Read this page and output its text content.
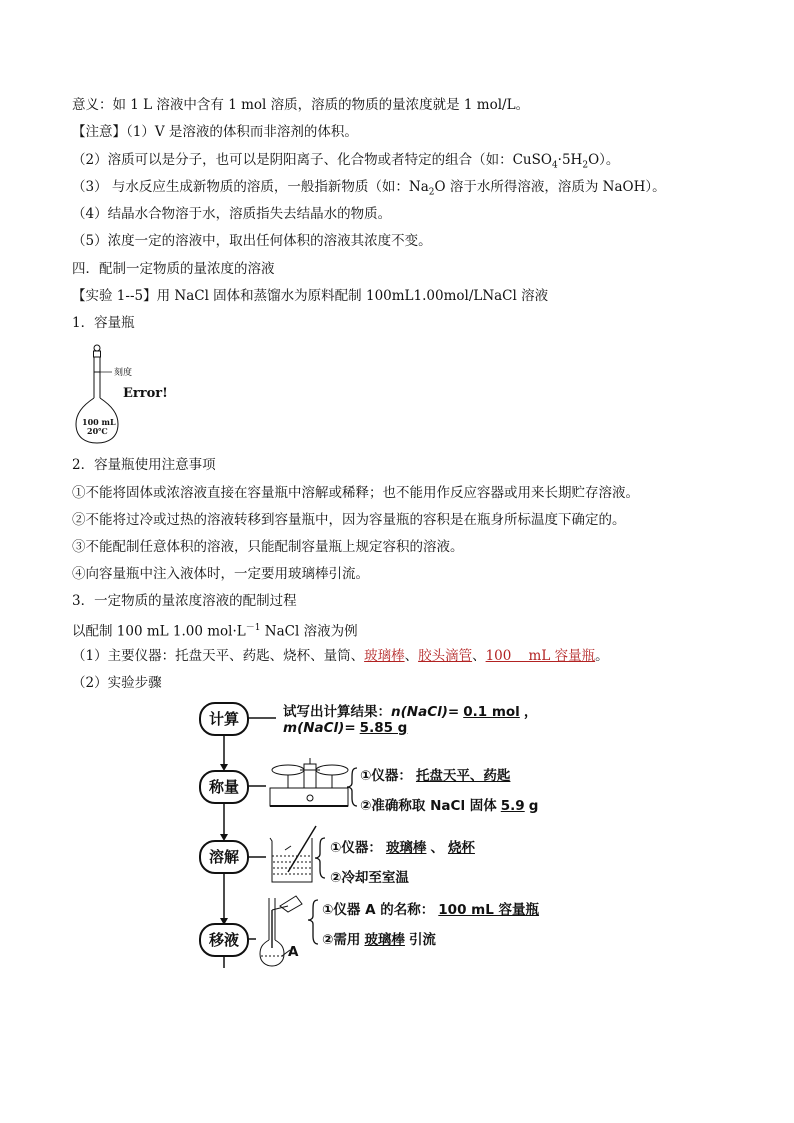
意义：如 1 L 溶液中含有 1 mol 溶质，溶质的物质的量浓度就是 1 mol/L。
【注意】（1）V 是溶液的体积而非溶剂的体积。
（2）溶质可以是分子，也可以是阴阳离子、化合物或者特定的组合（如：$CuSO_4\cdot 5H_2O$）。
（3） 与水反应生成新物质的溶质，一般指新物质（如：$Na_2O$ 溶于水所得溶液，溶质为 NaOH）。
（4）结晶水合物溶于水，溶质指失去结晶水的物质。
（5）浓度一定的溶液中，取出任何体积的溶液其浓度不变。
四．配制一定物质的量浓度的溶液
【实验 1--5】用 NaCl 固体和蒸馏水为原料配制 100mL1.00mol/LNaCl 溶液
1．容量瓶
刻度
100 mL
20℃
Error!
2．容量瓶使用注意事项
①不能将固体或浓溶液直接在容量瓶中溶解或稀释；也不能用作反应容器或用来长期贮存溶液。
②不能将过冷或过热的溶液转移到容量瓶中，因为容量瓶的容积是在瓶身所标温度下确定的。
③不能配制任意体积的溶液，只能配制容量瓶上规定容积的溶液。
④向容量瓶中注入液体时，一定要用玻璃棒引流。
3．一定物质的量浓度溶液的配制过程
以配制 100 mL 1.00 $mol\cdot L^{-1}$ NaCl 溶液为例
（1）主要仪器：托盘天平、药匙、烧杯、量筒、玻璃棒、胶头滴管、100    mL 容量瓶。
（2）实验步骤
计算
称量
溶解
移液
试写出计算结果：n(NaCl)= 0.1 mol ，
m(NaCl)= 5.85 g
①仪器： 托盘天平、药匙
②准确称取 NaCl 固体 5.9 g
①仪器： 玻璃棒 、 烧杯
②冷却至室温
①仪器 A 的名称： 100 mL 容量瓶
②需用 玻璃棒 引流
A
